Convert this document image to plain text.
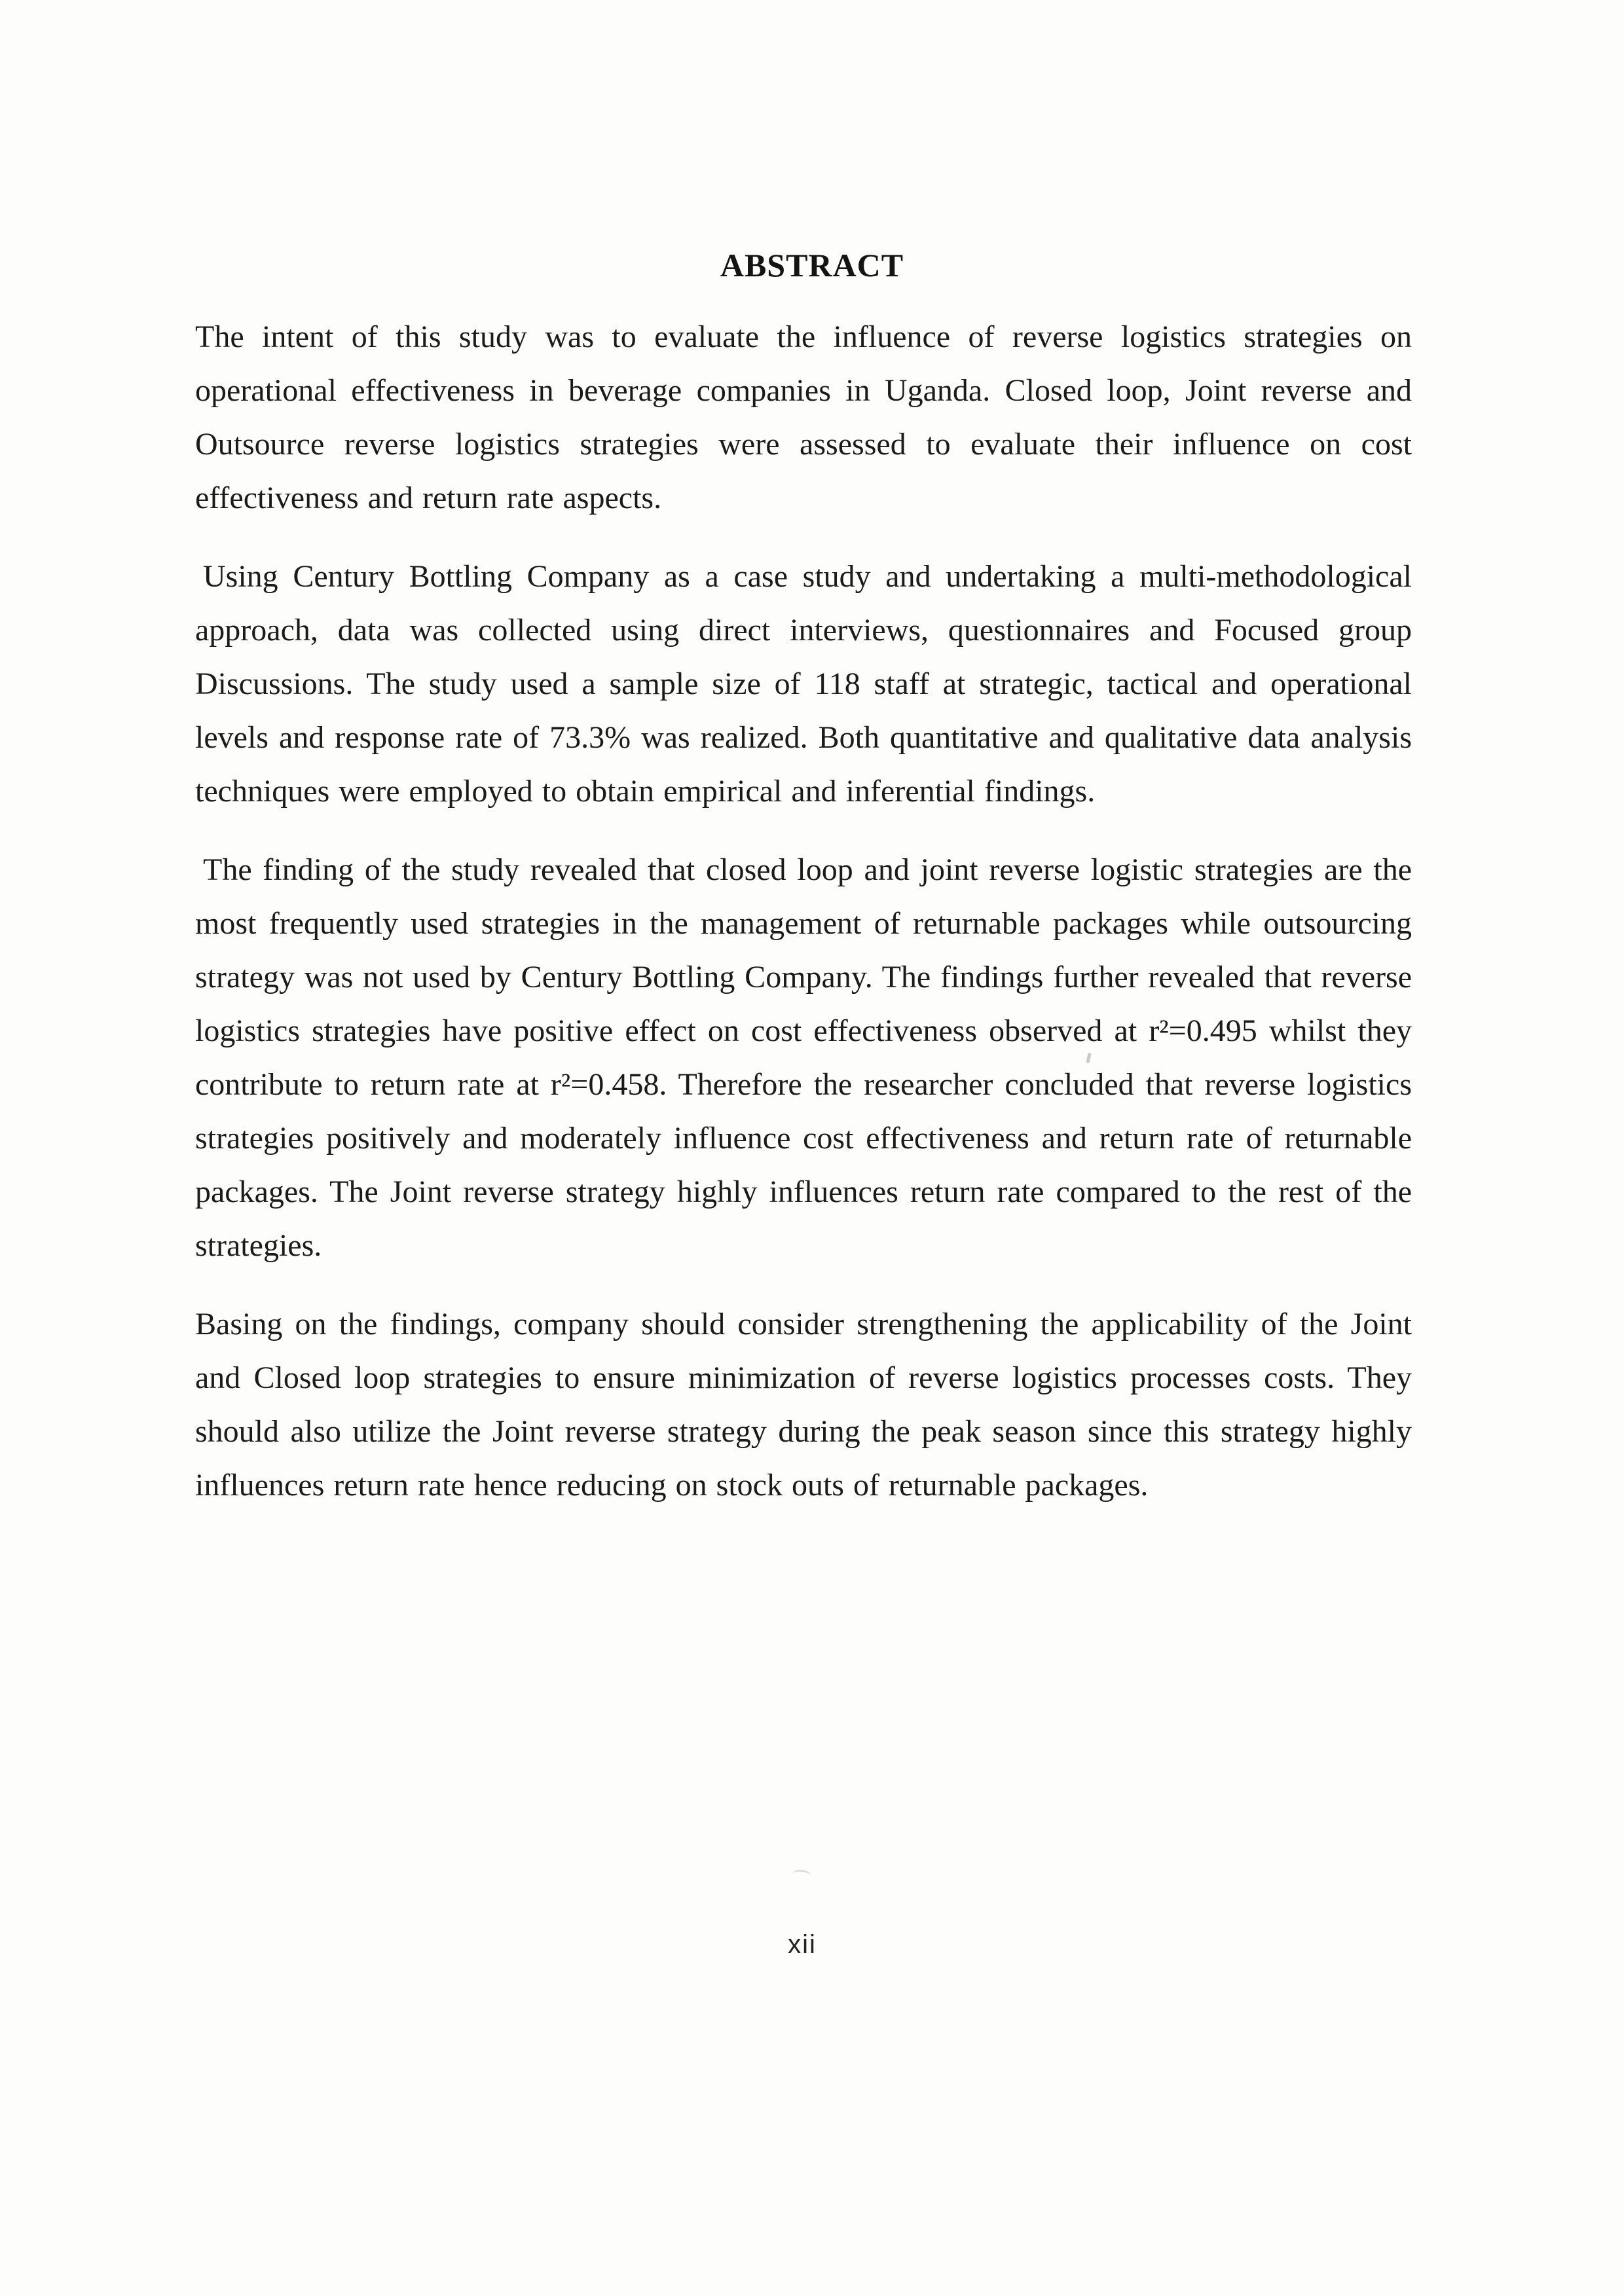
ABSTRACT

The intent of this study was to evaluate the influence of reverse logistics strategies on operational effectiveness in beverage companies in Uganda. Closed loop, Joint reverse and Outsource reverse logistics strategies were assessed to evaluate their influence on cost effectiveness and return rate aspects.

Using Century Bottling Company as a case study and undertaking a multi-methodological approach, data was collected using direct interviews, questionnaires and Focused group Discussions. The study used a sample size of 118 staff at strategic, tactical and operational levels and response rate of 73.3% was realized. Both quantitative and qualitative data analysis techniques were employed to obtain empirical and inferential findings.

The finding of the study revealed that closed loop and joint reverse logistic strategies are the most frequently used strategies in the management of returnable packages while outsourcing strategy was not used by Century Bottling Company. The findings further revealed that reverse logistics strategies have positive effect on cost effectiveness observed at r²=0.495 whilst they contribute to return rate at r²=0.458. Therefore the researcher concluded that reverse logistics strategies positively and moderately influence cost effectiveness and return rate of returnable packages. The Joint reverse strategy highly influences return rate compared to the rest of the strategies.

Basing on the findings, company should consider strengthening the applicability of the Joint and Closed loop strategies to ensure minimization of reverse logistics processes costs. They should also utilize the Joint reverse strategy during the peak season since this strategy highly influences return rate hence reducing on stock outs of returnable packages.

xii
